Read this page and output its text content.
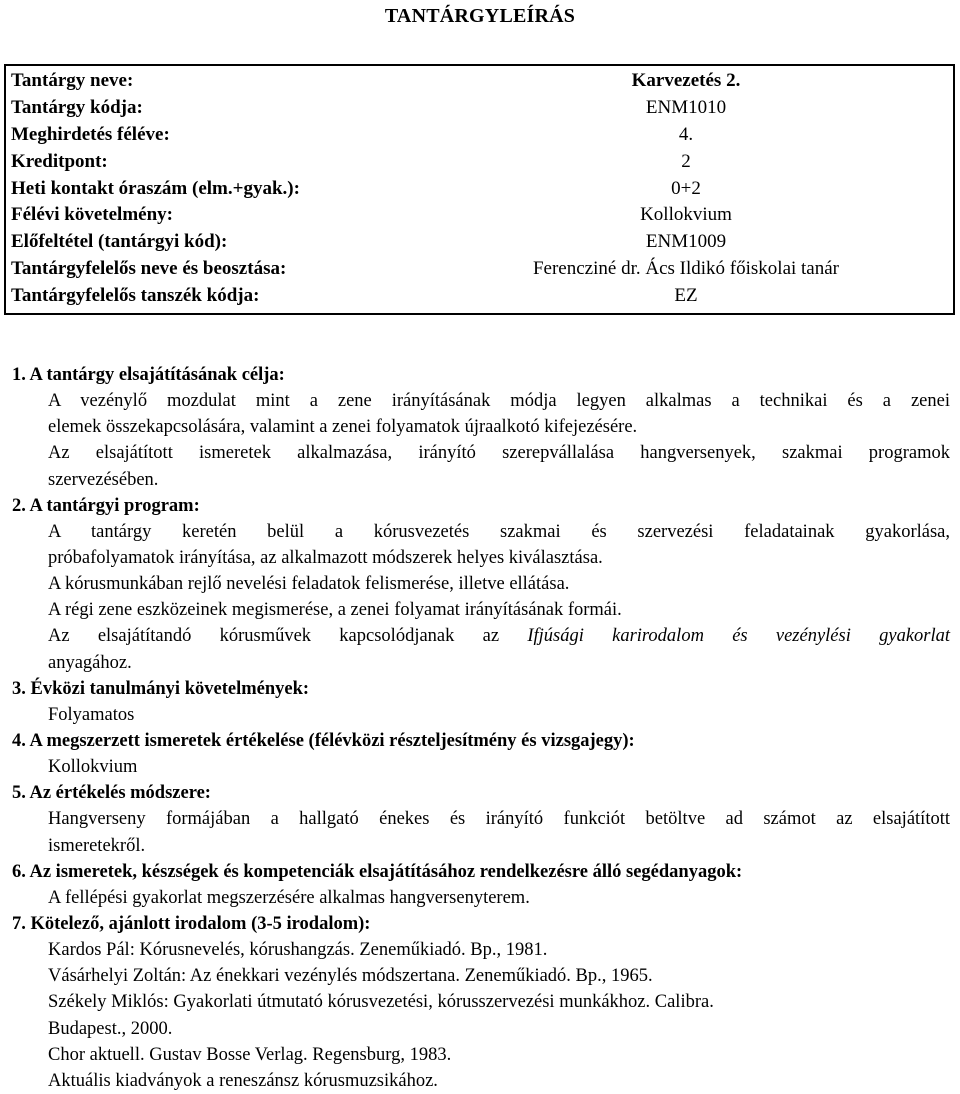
TANTÁRGYLEÍRÁS
Tantárgy neve:	Karvezetés 2.
Tantárgy kódja:	ENM1010
Meghirdetés féléve:	4.
Kreditpont:	2
Heti kontakt óraszám (elm.+gyak.):	0+2
Félévi követelmény:	Kollokvium
Előfeltétel (tantárgyi kód):	ENM1009
Tantárgyfelelős neve és beosztása:	Ferencziné dr. Ács Ildikó főiskolai tanár
Tantárgyfelelős tanszék kódja:	EZ
1. A tantárgy elsajátításának célja:
A vezénylő mozdulat mint a zene irányításának módja legyen alkalmas a technikai és a zenei
elemek összekapcsolására, valamint a zenei folyamatok újraalkotó kifejezésére.
Az elsajátított ismeretek alkalmazása, irányító szerepvállalása hangversenyek, szakmai programok
szervezésében.
2. A tantárgyi program:
A tantárgy keretén belül a kórusvezetés szakmai és szervezési feladatainak gyakorlása,
próbafolyamatok irányítása, az alkalmazott módszerek helyes kiválasztása.
A kórusmunkában rejlő nevelési feladatok felismerése, illetve ellátása.
A régi zene eszközeinek megismerése, a zenei folyamat irányításának formái.
Az elsajátítandó kórusművek kapcsolódjanak az Ifjúsági karirodalom és vezénylési gyakorlat
anyagához.
3. Évközi tanulmányi követelmények:
Folyamatos
4. A megszerzett ismeretek értékelése (félévközi részteljesítmény és vizsgajegy):
Kollokvium
5. Az értékelés módszere:
Hangverseny formájában a hallgató énekes és irányító funkciót betöltve ad számot az elsajátított
ismeretekről.
6. Az ismeretek, készségek és kompetenciák elsajátításához rendelkezésre álló segédanyagok:
A fellépési gyakorlat megszerzésére alkalmas hangversenyterem.
7. Kötelező, ajánlott irodalom (3-5 irodalom):
Kardos Pál: Kórusnevelés, kórushangzás. Zeneműkiadó. Bp., 1981.
Vásárhelyi Zoltán: Az énekkari vezénylés módszertana. Zeneműkiadó. Bp., 1965.
Székely Miklós: Gyakorlati útmutató kórusvezetési, kórusszervezési munkákhoz. Calibra.
Budapest., 2000.
Chor aktuell. Gustav Bosse Verlag. Regensburg, 1983.
Aktuális kiadványok a reneszánsz kórusmuzsikához.
